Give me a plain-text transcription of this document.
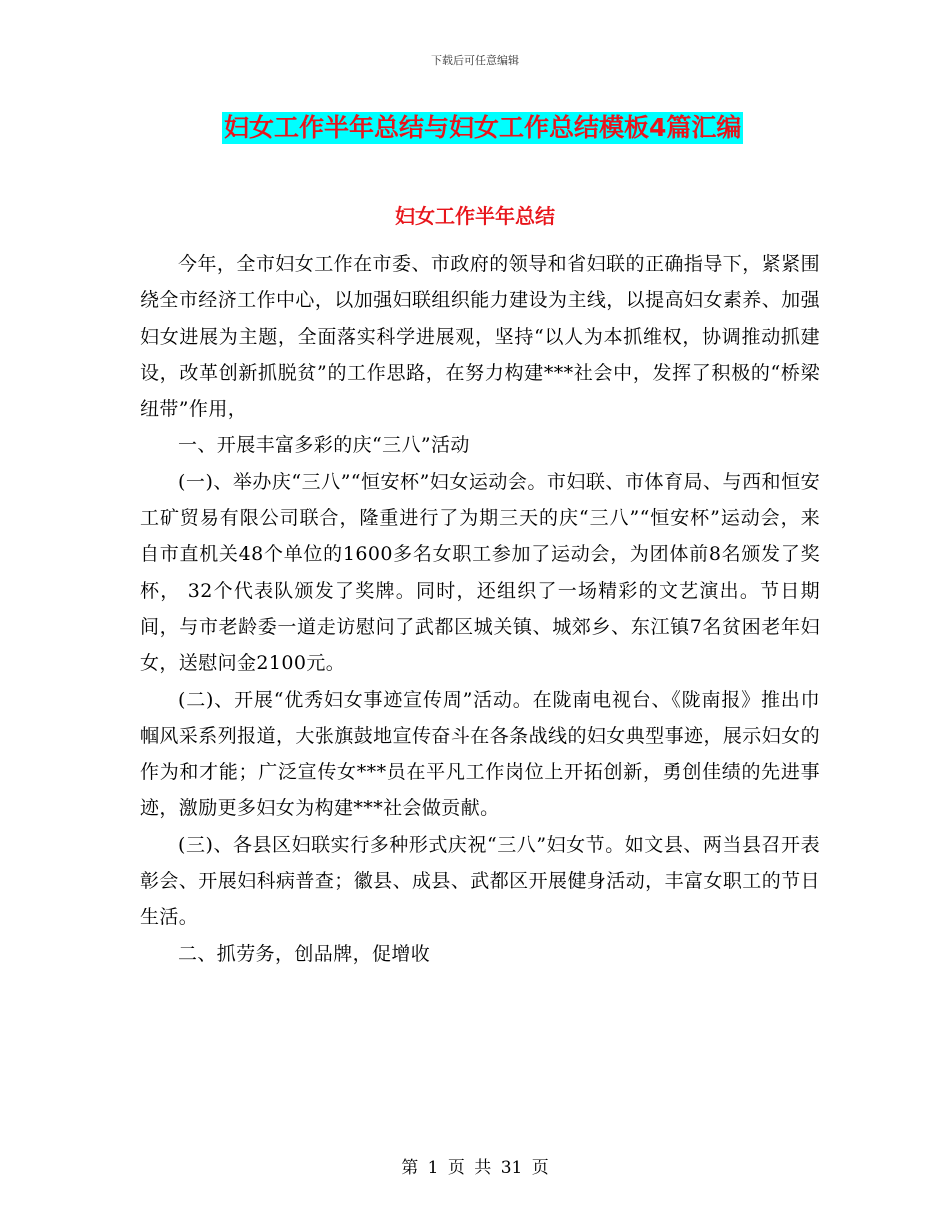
下载后可任意编辑
妇女工作半年总结与妇女工作总结模板4篇汇编
妇女工作半年总结

今年，全市妇女工作在市委、市政府的领导和省妇联的正确指导下，紧紧围绕全市经济工作中心，以加强妇联组织能力建设为主线，以提高妇女素养、加强妇女进展为主题，全面落实科学进展观，坚持“以人为本抓维权，协调推动抓建设，改革创新抓脱贫”的工作思路，在努力构建***社会中，发挥了积极的“桥梁纽带”作用，

一、开展丰富多彩的庆“三八”活动

(一)、举办庆“三八”“恒安杯”妇女运动会。市妇联、市体育局、与西和恒安工矿贸易有限公司联合，隆重进行了为期三天的庆“三八”“恒安杯”运动会，来自市直机关48个单位的1600多名女职工参加了运动会，为团体前8名颁发了奖杯， 32个代表队颁发了奖牌。同时，还组织了一场精彩的文艺演出。节日期间，与市老龄委一道走访慰问了武都区城关镇、城郊乡、东江镇7名贫困老年妇女，送慰问金2100元。

(二)、开展“优秀妇女事迹宣传周”活动。在陇南电视台、《陇南报》推出巾帼风采系列报道，大张旗鼓地宣传奋斗在各条战线的妇女典型事迹，展示妇女的作为和才能；广泛宣传女***员在平凡工作岗位上开拓创新，勇创佳绩的先进事迹，激励更多妇女为构建***社会做贡献。

(三)、各县区妇联实行多种形式庆祝“三八”妇女节。如文县、两当县召开表彰会、开展妇科病普查；徽县、成县、武都区开展健身活动，丰富女职工的节日生活。

二、抓劳务，创品牌，促增收

第 1 页 共 31 页
